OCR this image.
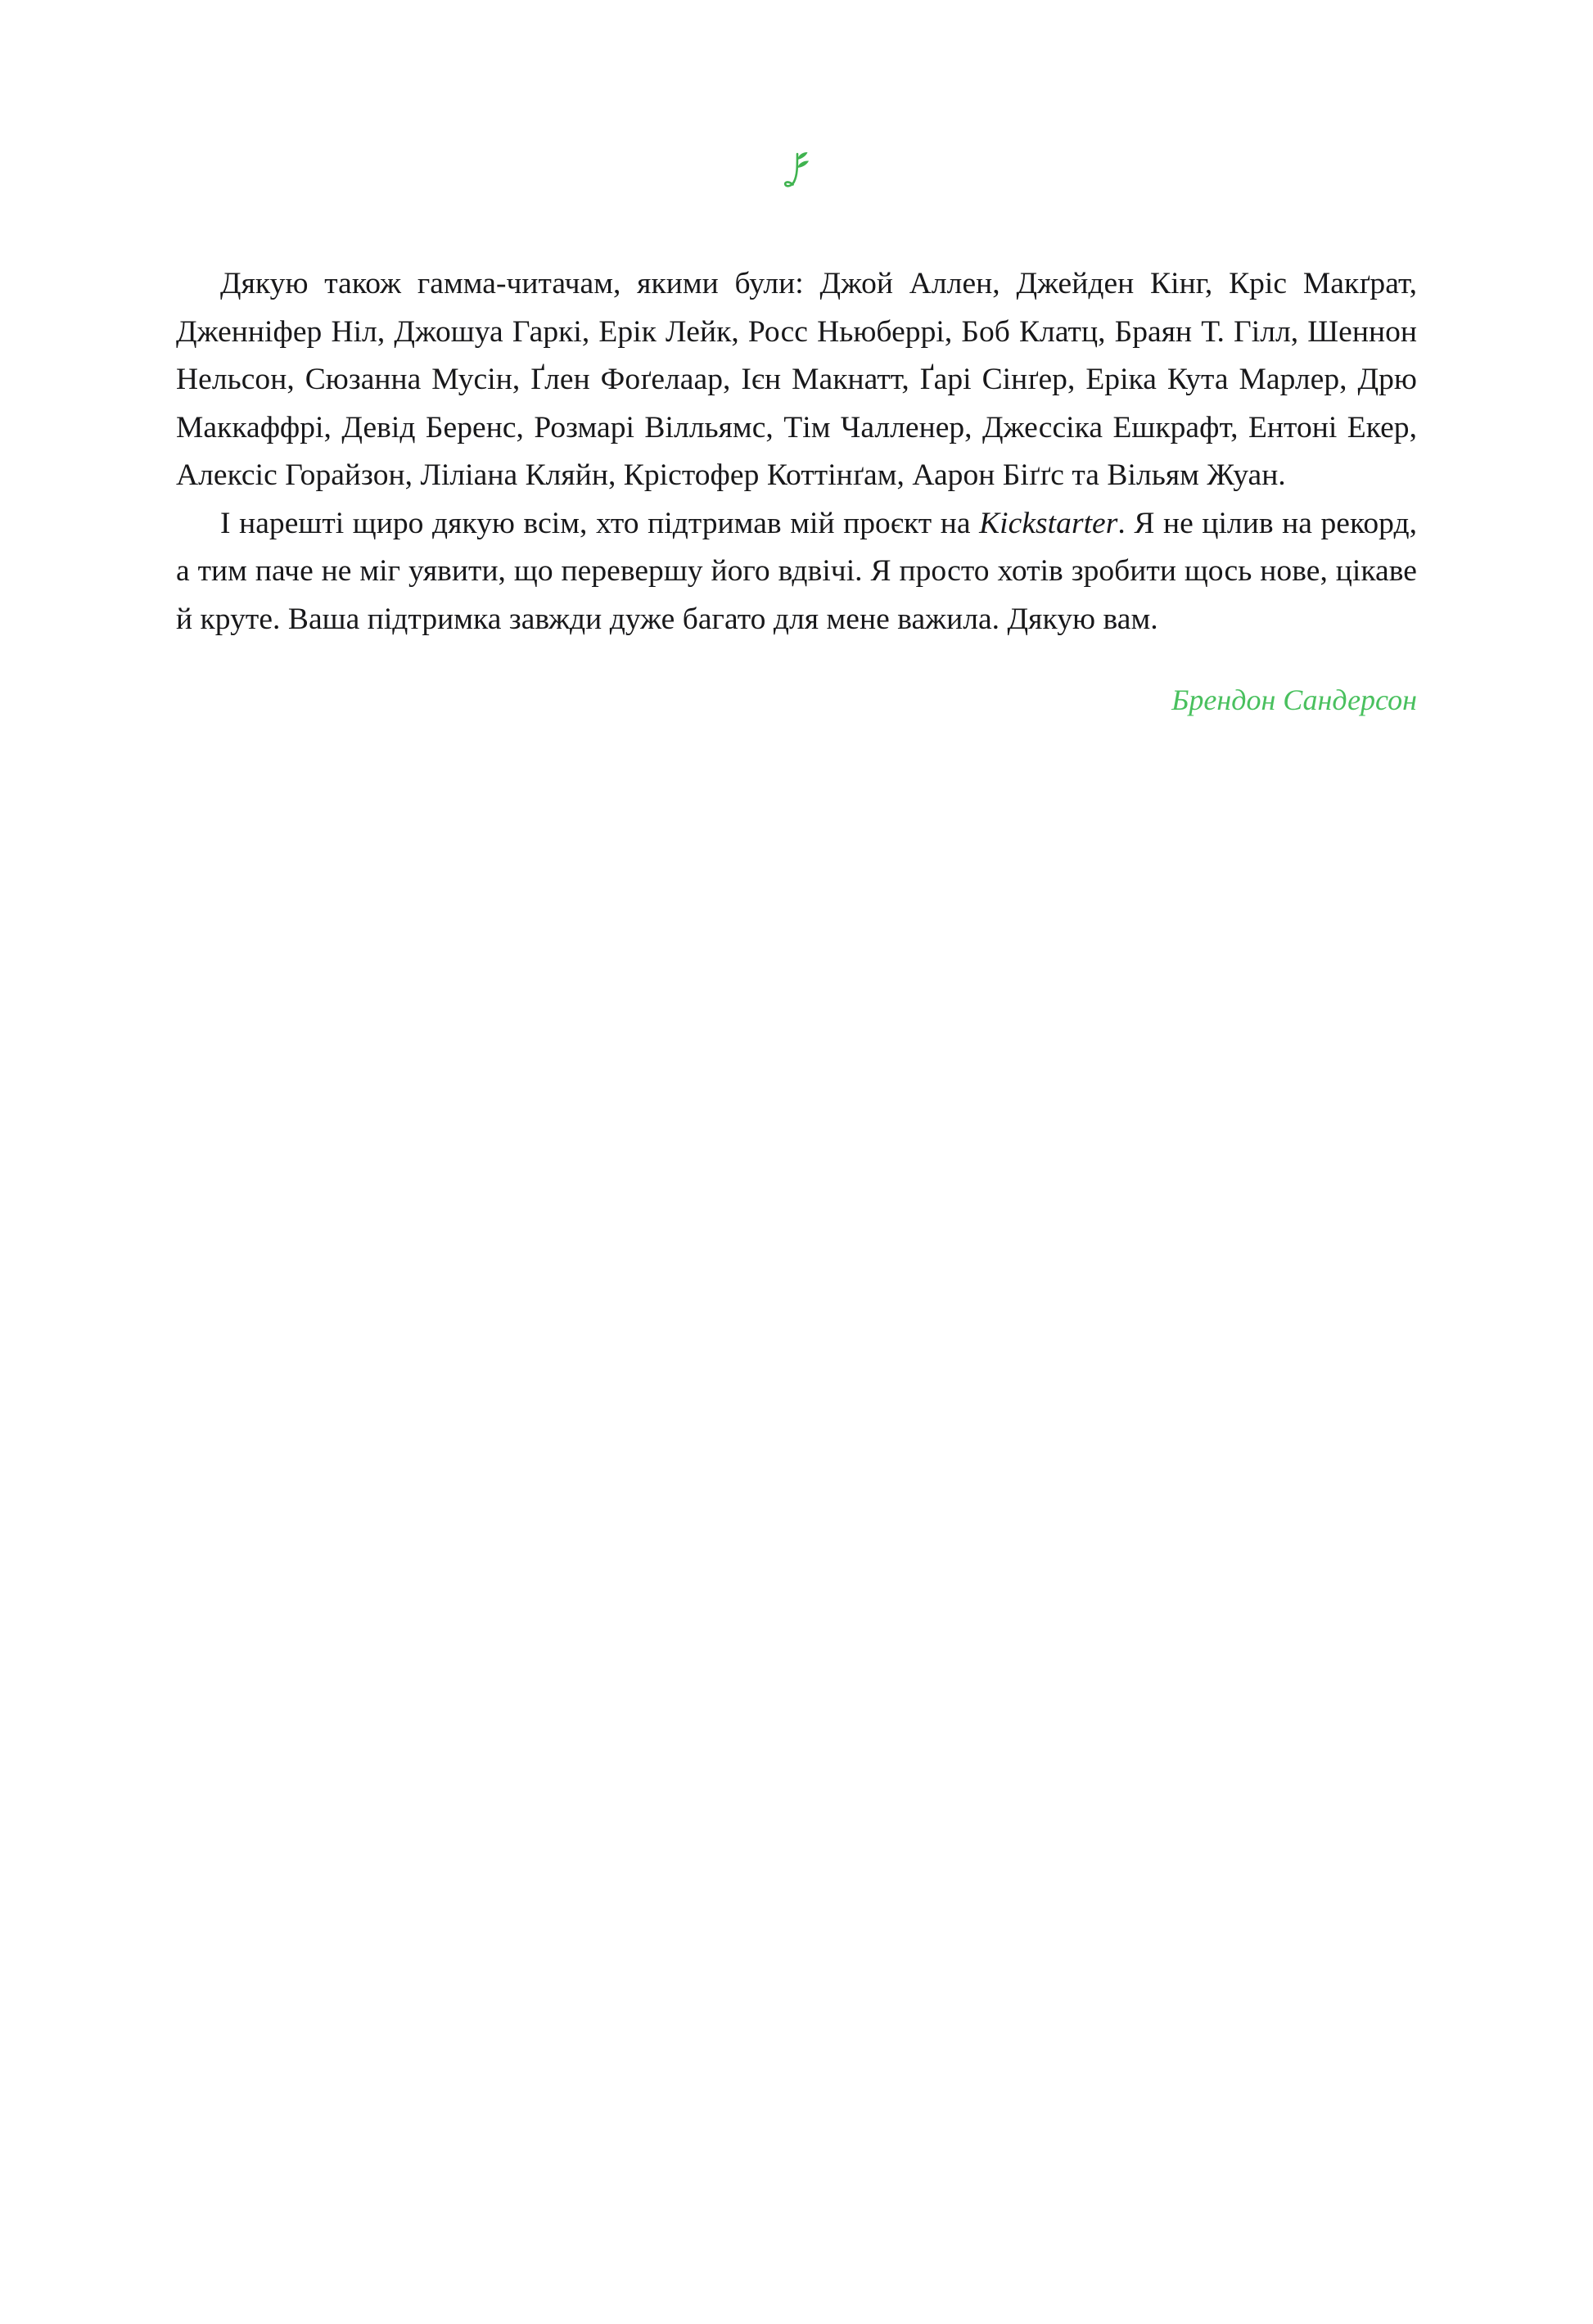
Дякую також гамма-читачам, якими були: Джой Аллен, Джейден Кінг, Кріс Макґрат, Дженніфер Ніл, Джошуа Гаркі, Ерік Лейк, Росс Ньюберрі, Боб Клатц, Браян Т. Гілл, Шеннон Нельсон, Сюзанна Мусін, Ґлен Фоґелаар, Ієн Макнатт, Ґарі Сінґер, Еріка Кута Марлер, Дрю Маккаффрі, Девід Беренс, Розмарі Вілльямс, Тім Чалленер, Джессіка Ешкрафт, Ентоні Екер, Алексіс Горайзон, Ліліана Кляйн, Крістофер Коттінґам, Аарон Біґґс та Вільям Жуан.

І нарешті щиро дякую всім, хто підтримав мій проєкт на Kickstarter. Я не цілив на рекорд, а тим паче не міг уявити, що перевершу його вдвічі. Я просто хотів зробити щось нове, цікаве й круте. Ваша підтримка завжди дуже багато для мене важила. Дякую вам.

Брендон Сандерсон
